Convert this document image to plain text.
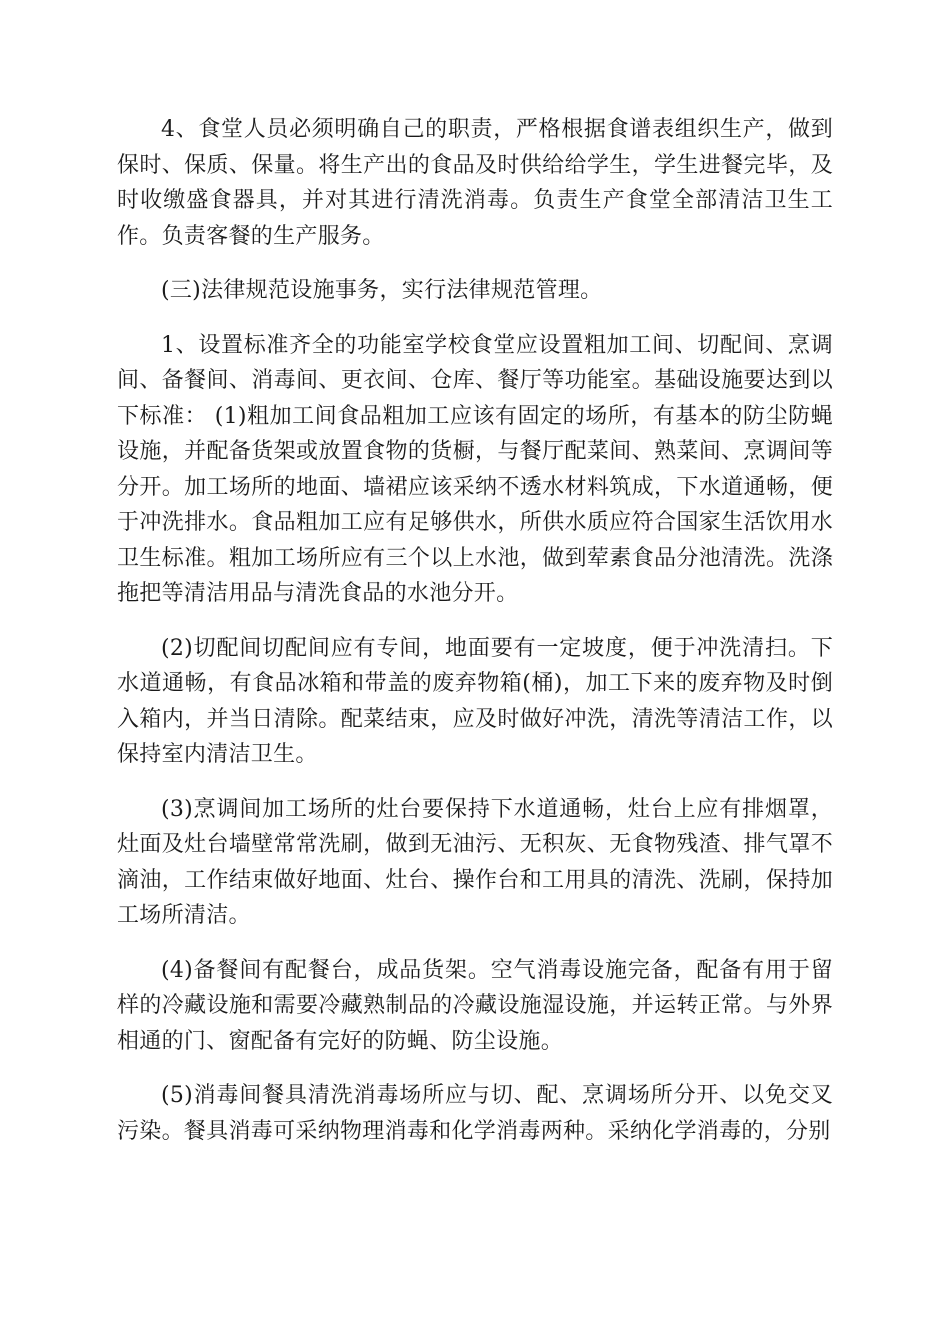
4、食堂人员必须明确自己的职责，严格根据食谱表组织生产，做到保时、保质、保量。将生产出的食品及时供给给学生，学生进餐完毕，及时收缴盛食器具，并对其进行清洗消毒。负责生产食堂全部清洁卫生工作。负责客餐的生产服务。

(三)法律规范设施事务，实行法律规范管理。

1、设置标准齐全的功能室学校食堂应设置粗加工间、切配间、烹调间、备餐间、消毒间、更衣间、仓库、餐厅等功能室。基础设施要达到以下标准： (1)粗加工间食品粗加工应该有固定的场所，有基本的防尘防蝇设施，并配备货架或放置食物的货橱，与餐厅配菜间、熟菜间、烹调间等分开。加工场所的地面、墙裙应该采纳不透水材料筑成，下水道通畅，便于冲洗排水。食品粗加工应有足够供水，所供水质应符合国家生活饮用水卫生标准。粗加工场所应有三个以上水池，做到荤素食品分池清洗。洗涤拖把等清洁用品与清洗食品的水池分开。

(2)切配间切配间应有专间，地面要有一定坡度，便于冲洗清扫。下水道通畅，有食品冰箱和带盖的废弃物箱(桶)，加工下来的废弃物及时倒入箱内，并当日清除。配菜结束，应及时做好冲洗，清洗等清洁工作，以保持室内清洁卫生。

(3)烹调间加工场所的灶台要保持下水道通畅，灶台上应有排烟罩，灶面及灶台墙壁常常洗刷，做到无油污、无积灰、无食物残渣、排气罩不滴油，工作结束做好地面、灶台、操作台和工用具的清洗、洗刷，保持加工场所清洁。

(4)备餐间有配餐台，成品货架。空气消毒设施完备，配备有用于留样的冷藏设施和需要冷藏熟制品的冷藏设施湿设施，并运转正常。与外界相通的门、窗配备有完好的防蝇、防尘设施。

(5)消毒间餐具清洗消毒场所应与切、配、烹调场所分开、以免交叉污染。餐具消毒可采纳物理消毒和化学消毒两种。采纳化学消毒的，分别
